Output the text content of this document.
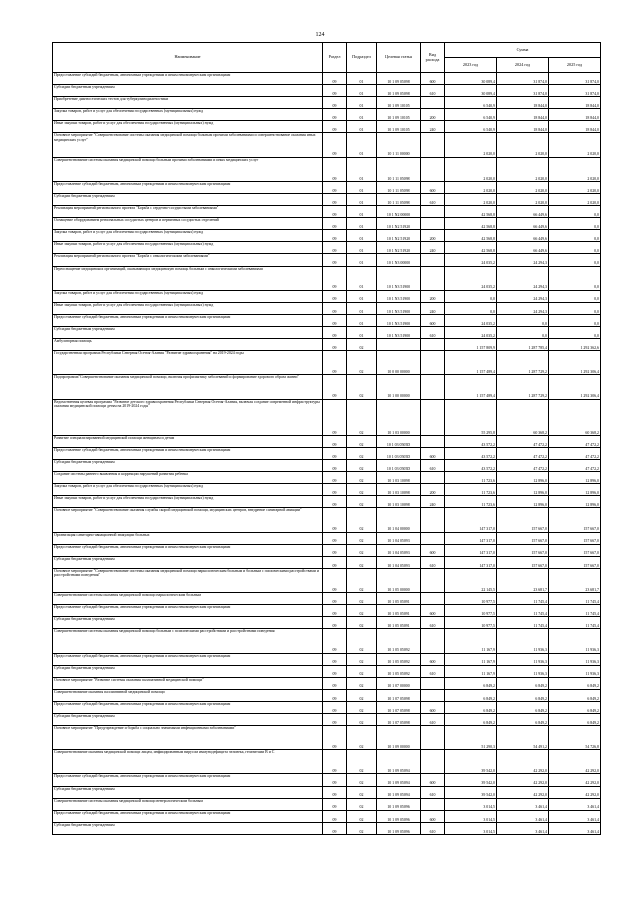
124
Наименование	Раздел	Подраздел	Целевая статья	Вид расхода	Сумма		
					2023 год	2024 год	2025 год
Предоставление субсидий бюджетным, автономным учреждениям и иным некоммерческим организациям	09	01	10 1 09 05098	600	30 089,4	31 874,0	31 874,0
Субсидии бюджетным учреждениям	09	01	10 1 09 05098	610	30 089,4	31 874,0	31 874,0
Приобретение диагностических тестов для туберкулинодиагностики	09	01	10 1 09 10105		6 540,9	18 844,0	18 844,0
Закупка товаров, работ и услуг для обеспечения государственных (муниципальных) нужд	09	01	10 1 09 10105	200	6 540,9	18 844,0	18 844,0
Иные закупки товаров, работ и услуг для обеспечения государственных (муниципальных) нужд	09	01	10 1 09 10105	240	6 540,9	18 844,0	18 844,0
Основное мероприятие "Совершенствование системы оказания медицинской помощи больным прочими заболеваниями и совершенствование оказания иных медицинских услуг"	09	01	10 1 11 00000		2 020,0	2 020,0	2 020,0
Совершенствование системы оказания медицинской помощи больным прочими заболеваниями и иных медицинских услуг	09	01	10 1 11 05098		2 020,0	2 020,0	2 020,0
Предоставление субсидий бюджетным, автономным учреждениям и иным некоммерческим организациям	09	01	10 1 11 05098	600	2 020,0	2 020,0	2 020,0
Субсидии бюджетным учреждениям	09	01	10 1 11 05098	610	2 020,0	2 020,0	2 020,0
Реализация мероприятий регионального проекта "Борьба с сердечно-сосудистыми заболеваниями"	09	01	10 1 N2 00000		42 568,8	66 449,6	0,0
Оснащение оборудованием региональных сосудистых центров и первичных сосудистых отделений	09	01	10 1 N2 51920		42 568,8	66 449,6	0,0
Закупка товаров, работ и услуг для обеспечения государственных (муниципальных) нужд	09	01	10 1 N2 51920	200	42 568,8	66 449,6	0,0
Иные закупки товаров, работ и услуг для обеспечения государственных (муниципальных) нужд	09	01	10 1 N2 51920	240	42 568,8	66 449,6	0,0
Реализация мероприятий регионального проекта "Борьба с онкологическими заболеваниями"	09	01	10 1 N3 00000		24 035,2	24 294,3	0,0
Переоснащение медицинских организаций, оказывающих медицинскую помощь больным с онкологическими заболеваниями	09	01	10 1 N3 51900		24 035,2	24 294,3	0,0
Закупка товаров, работ и услуг для обеспечения государственных (муниципальных) нужд	09	01	10 1 N3 51900	200	0,0	24 294,3	0,0
Иные закупки товаров, работ и услуг для обеспечения государственных (муниципальных) нужд	09	01	10 1 N3 51900	240	0,0	24 294,3	0,0
Предоставление субсидий бюджетным, автономным учреждениям и иным некоммерческим организациям	09	01	10 1 N3 51900	600	24 035,2	0,0	0,0
Субсидии бюджетным учреждениям	09	01	10 1 N3 51900	610	24 035,2	0,0	0,0
Амбулаторная помощь	09	02			1 157 809,9	1 287 785,4	1 292 362,6
Государственная программа Республики Северная Осетия-Алания "Развитие здравоохранения" на 2019-2024 годы	09	02	10 0 00 00000		1 157 489,4	1 287 729,2	1 292 306,4
Подпрограмма"Совершенствование оказания медицинской помощи, включая профилактику заболеваний и формирование здорового образа жизни"	09	02	10 1 00 00000		1 157 489,4	1 287 729,2	1 292 306,4
Ведомственная целевая программа "Развитие детского здравоохранения Республики Северная Осетия-Алания, включая создание современной инфраструктуры оказания медицинской помощи детям на 2019-2024 годы"	09	02	10 1 03 00000		55 295,8	60 368,2	60 368,2
Развитие специализированной медицинской помощи женщинам и детям	09	02	10 1 03 0505D		43 572,2	47 472,2	47 472,2
Предоставление субсидий бюджетным, автономным учреждениям и иным некоммерческим организациям	09	02	10 1 03 0505D	600	43 572,2	47 472,2	47 472,2
Субсидии бюджетным учреждениям	09	02	10 1 03 0505D	610	43 572,2	47 472,2	47 472,2
Создание системы раннего выявления и коррекции нарушений развития ребенка	09	02	10 1 03 10098		11 723,6	12 896,0	12 896,0
Закупка товаров, работ и услуг для обеспечения государственных (муниципальных) нужд	09	02	10 1 03 10098	200	11 723,6	12 896,0	12 896,0
Иные закупки товаров, работ и услуг для обеспечения государственных (муниципальных) нужд	09	02	10 1 03 10098	240	11 723,6	12 896,0	12 896,0
Основное мероприятие "Совершенствование оказания службы скорой медицинской помощи, медицинских центров, внедрение санитарной авиации"	09	02	10 1 04 00000		147 317,0	157 667,0	157 667,0
Организация санитарно-авиационной эвакуации больных	09	02	10 1 04 05093		147 317,0	157 667,0	157 667,0
Предоставление субсидий бюджетным, автономным учреждениям и иным некоммерческим организациям	09	02	10 1 04 05093	600	147 317,0	157 667,0	157 667,0
Субсидии бюджетным учреждениям	09	02	10 1 04 05093	610	147 317,0	157 667,0	157 667,0
Основное мероприятие "Совершенствование системы оказания медицинской помощи наркологическим больным и больным с психическими расстройствами и расстройствами поведения"	09	02	10 1 05 00000		22 145,5	23 681,7	23 681,7
Совершенствование системы оказания медицинской помощи наркологическим больным	09	02	10 1 05 05091		10 977,5	11 745,4	11 745,4
Предоставление субсидий бюджетным, автономным учреждениям и иным некоммерческим организациям	09	02	10 1 05 05091	600	10 977,5	11 745,4	11 745,4
Субсидии бюджетным учреждениям	09	02	10 1 05 05091	610	10 977,5	11 745,4	11 745,4
Совершенствование системы оказания медицинской помощи больным с психическими расстройствами и расстройствами поведения	09	02	10 1 05 05092		11 167,9	11 936,3	11 936,3
Предоставление субсидий бюджетным, автономным учреждениям и иным некоммерческим организациям	09	02	10 1 05 05092	600	11 167,9	11 936,3	11 936,3
Субсидии бюджетным учреждениям	09	02	10 1 05 05092	610	11 167,9	11 936,3	11 936,3
Основное мероприятие "Развитие системы оказания паллиативной медицинской помощи"	09	02	10 1 07 00000		6 849,2	6 849,2	6 849,2
Совершенствование оказания паллиативной медицинской помощи	09	02	10 1 07 05098		6 849,2	6 849,2	6 849,2
Предоставление субсидий бюджетным, автономным учреждениям и иным некоммерческим организациям	09	02	10 1 07 05098	600	6 849,2	6 849,2	6 849,2
Субсидии бюджетным учреждениям	09	02	10 1 07 05098	610	6 849,2	6 849,2	6 849,2
Основное мероприятие "Предупреждение и борьба с социально значимыми инфекционными заболеваниями"	09	02	10 1 09 00000		51 290,3	54 491,2	54 726,8
Совершенствование оказания медицинской помощи лицам, инфицированным вирусом иммунодефицита человека, гепатитами B и C	09	02	10 1 09 05094		39 542,0	42 292,0	42 292,0
Предоставление субсидий бюджетным, автономным учреждениям и иным некоммерческим организациям	09	02	10 1 09 05094	600	39 542,0	42 292,0	42 292,0
Субсидии бюджетным учреждениям	09	02	10 1 09 05094	610	39 542,0	42 292,0	42 292,0
Совершенствование системы оказания медицинской помощи венерологическим больным	09	02	10 1 09 05096		3 014,5	3 461,4	3 461,4
Предоставление субсидий бюджетным, автономным учреждениям и иным некоммерческим организациям	09	02	10 1 09 05096	600	3 014,5	3 461,4	3 461,4
Субсидии бюджетным учреждениям	09	02	10 1 09 05096	610	3 014,5	3 461,4	3 461,4
